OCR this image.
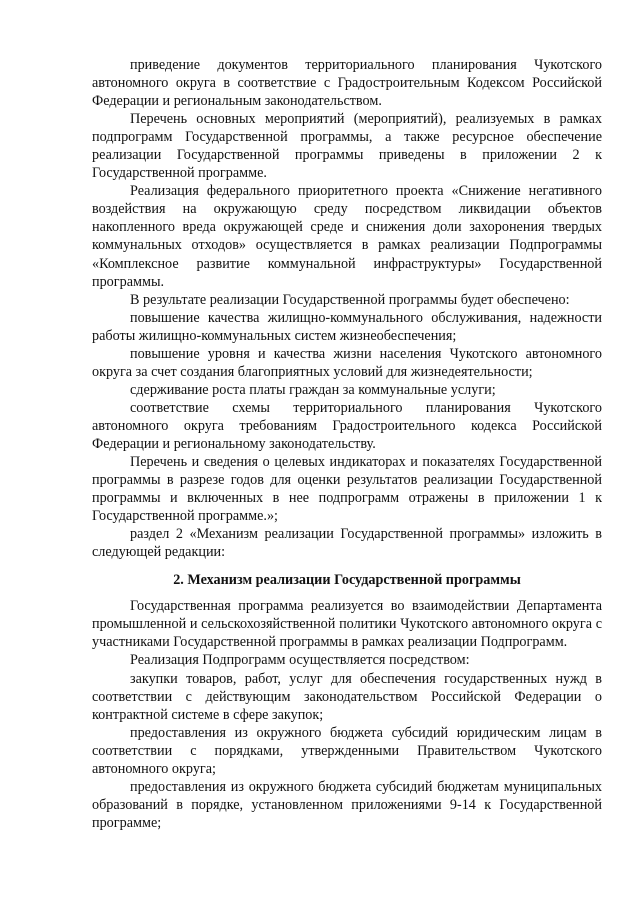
приведение документов территориального планирования Чукотского автономного округа в соответствие с Градостроительным Кодексом Российской Федерации и региональным законодательством.

Перечень основных мероприятий (мероприятий), реализуемых в рамках подпрограмм Государственной программы, а также ресурсное обеспечение реализации Государственной программы приведены в приложении 2 к Государственной программе.

Реализация федерального приоритетного проекта «Снижение негативного воздействия на окружающую среду посредством ликвидации объектов накопленного вреда окружающей среде и снижения доли захоронения твердых коммунальных отходов» осуществляется в рамках реализации Подпрограммы «Комплексное развитие коммунальной инфраструктуры» Государственной программы.

В результате реализации Государственной программы будет обеспечено:

повышение качества жилищно-коммунального обслуживания, надежности работы жилищно-коммунальных систем жизнеобеспечения;

повышение уровня и качества жизни населения Чукотского автономного округа за счет создания благоприятных условий для жизнедеятельности;

сдерживание роста платы граждан за коммунальные услуги;

соответствие схемы территориального планирования Чукотского автономного округа требованиям Градостроительного кодекса Российской Федерации и региональному законодательству.

Перечень и сведения о целевых индикаторах и показателях Государственной программы в разрезе годов для оценки результатов реализации Государственной программы и включенных в нее подпрограмм отражены в приложении 1 к Государственной программе.»;

раздел 2 «Механизм реализации Государственной программы» изложить в следующей редакции:

2. Механизм реализации Государственной программы

Государственная программа реализуется во взаимодействии Департамента промышленной и сельскохозяйственной политики Чукотского автономного округа с участниками Государственной программы в рамках реализации Подпрограмм.

Реализация Подпрограмм осуществляется посредством:

закупки товаров, работ, услуг для обеспечения государственных нужд в соответствии с действующим законодательством Российской Федерации о контрактной системе в сфере закупок;

предоставления из окружного бюджета субсидий юридическим лицам в соответствии с порядками, утвержденными Правительством Чукотского автономного округа;

предоставления из окружного бюджета субсидий бюджетам муниципальных образований в порядке, установленном приложениями 9-14 к Государственной программе;
